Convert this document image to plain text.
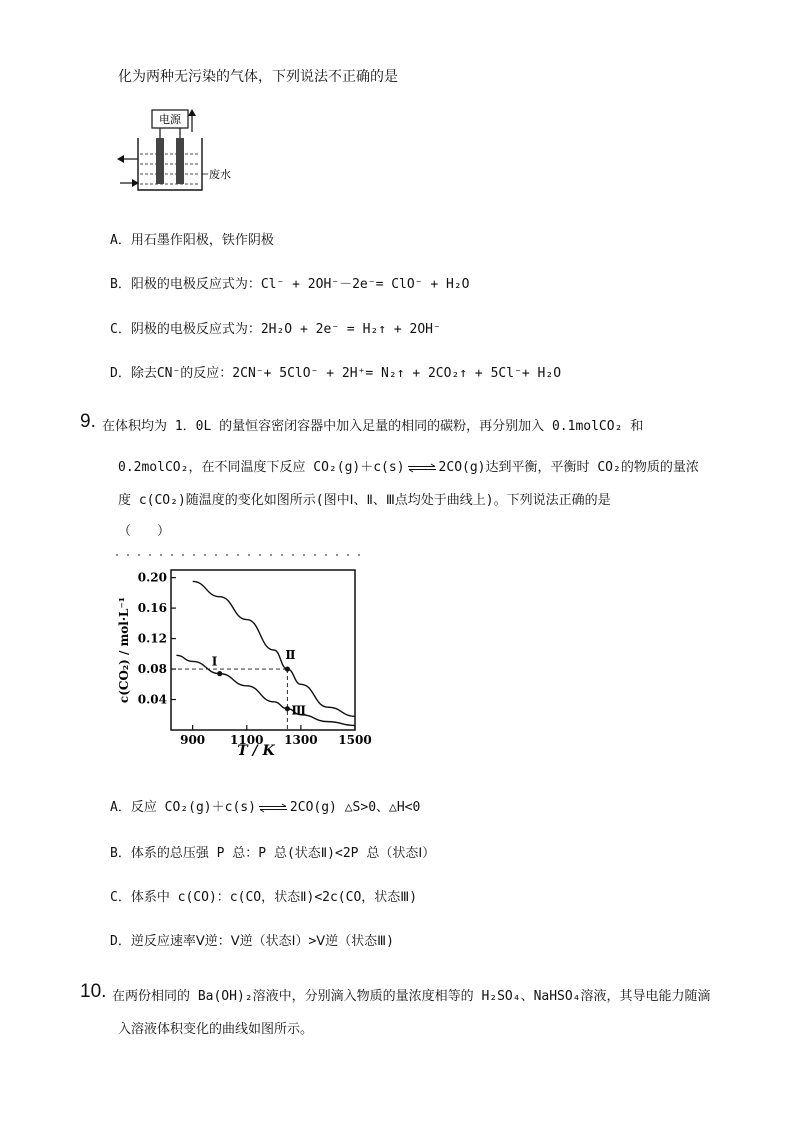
化为两种无污染的气体，下列说法不正确的是
电源
废水
A．用石墨作阳极，铁作阴极
B．阳极的电极反应式为：Cl⁻ + 2OH⁻－2e⁻= ClO⁻ + H₂O
C．阴极的电极反应式为：2H₂O + 2e⁻ = H₂↑ + 2OH⁻
D．除去CN⁻的反应：2CN⁻+ 5ClO⁻ + 2H⁺= N₂↑ + 2CO₂↑ + 5Cl⁻+ H₂O
9. 在体积均为 1．0L 的量恒容密闭容器中加入足量的相同的碳粉，再分别加入 0.1molCO₂ 和
0.2molCO₂，在不同温度下反应 CO₂(g)＋c(s) ⇌ 2CO(g)达到平衡，平衡时 CO₂的物质的量浓
度 c(CO₂)随温度的变化如图所示(图中Ⅰ、Ⅱ、Ⅲ点均处于曲线上)。下列说法正确的是
（　　）
0.04
0.08
0.12
0.16
0.20
900 1100 1300 1500
Ⅰ	Ⅱ
Ⅲ
T / K
c(CO₂) / mol·L⁻¹
A．反应 CO₂(g)＋c(s) ⇌ 2CO(g) △S>0、△H<0
B．体系的总压强 P 总：P 总(状态Ⅱ)<2P 总（状态Ⅰ）
C．体系中 c(CO)：c(CO，状态Ⅱ)<2c(CO，状态Ⅲ)
D．逆反应速率Ⅴ逆：Ⅴ逆（状态Ⅰ）>Ⅴ逆（状态Ⅲ)
10. 在两份相同的 Ba(OH)₂溶液中，分别滴入物质的量浓度相等的 H₂SO₄、NaHSO₄溶液，其导电能力随滴
入溶液体积变化的曲线如图所示。
